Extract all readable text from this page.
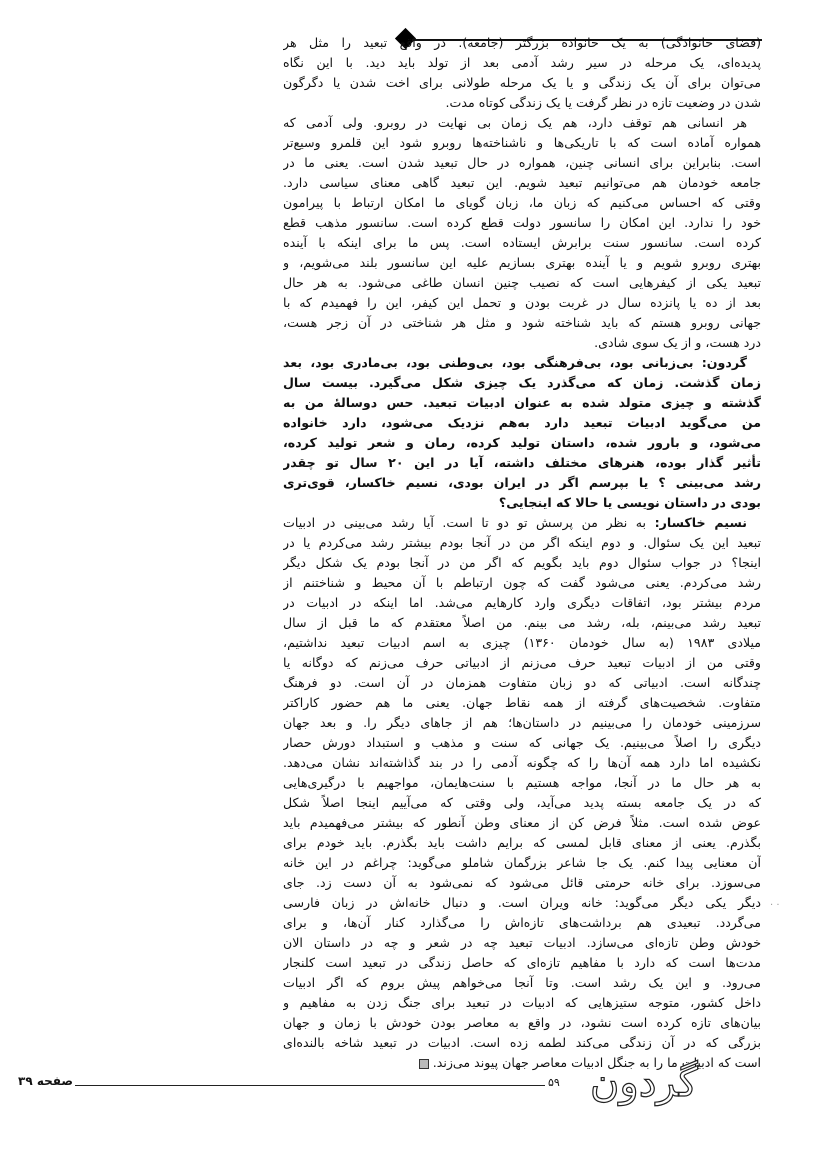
(فضای خانوادگی) به یک خانواده بزرگتر (جامعه). در واقع تبعید را مثل هر
پدیده‌ای، یک مرحله در سیر رشد آدمی بعد از تولد باید دید. با این نگاه
می‌توان برای آن یک زندگی و یا یک مرحله طولانی برای اخت شدن یا دگرگون
شدن در وضعیت تازه در نظر گرفت یا یک زندگی کوتاه مدت.
هر انسانی هم توقف دارد، هم یک زمان بی نهایت در روبرو. ولی آدمی که
همواره آماده است که با تاریکی‌ها و ناشناخته‌ها روبرو شود این قلمرو وسیع‌تر
است. بنابراین برای انسانی چنین، همواره در حال تبعید شدن است. یعنی ما در
جامعه خودمان هم می‌توانیم تبعید شویم. این تبعید گاهی معنای سیاسی دارد.
وقتی که احساس می‌کنیم که زبان ما، زبان گویای ما امکان ارتباط با پیرامون
خود را ندارد. این امکان را سانسور دولت قطع کرده است. سانسور مذهب قطع
کرده است. سانسور سنت برابرش ایستاده است. پس ما برای اینکه با آینده
بهتری روبرو شویم و یا آینده بهتری بسازیم علیه این سانسور بلند می‌شویم، و
تبعید یکی از کیفرهایی است که نصیب چنین انسان طاغی می‌شود. به هر حال
بعد از ده یا پانزده سال در غربت بودن و تحمل این کیفر، این را فهمیدم که با
جهانی روبرو هستم که باید شناخته شود و مثل هر شناختی در آن زجر هست،
درد هست، و از یک سوی شادی.
گردون: بی‌زبانی بود، بی‌فرهنگی بود، بی‌وطنی بود، بی‌مادری بود، بعد
زمان گذشت. زمان که می‌گذرد یک چیزی شکل می‌گیرد. بیست سال
گذشته و چیزی متولد شده به عنوان ادبیات تبعید. حس دوسالهٔ من به
من می‌گوید ادبیات تبعید دارد به‌هم نزدیک می‌شود، دارد خانواده
می‌شود، و بارور شده، داستان تولید کرده، رمان و شعر تولید کرده،
تأثیر گذار بوده، هنرهای مختلف داشته، آیا در این ۲۰ سال تو چقدر
رشد می‌بینی ؟ یا بپرسم اگر در ایران بودی، نسیم خاکسار، قوی‌تری
بودی در داستان نویسی یا حالا که اینجایی؟
نسیم خاکسار: به نظر من پرسش تو دو تا است. آیا رشد می‌بینی در ادبیات
تبعید این یک سئوال. و دوم اینکه اگر من در آنجا بودم بیشتر رشد می‌کردم یا در
اینجا؟ در جواب سئوال دوم باید بگویم که اگر من در آنجا بودم یک شکل دیگر
رشد می‌کردم. یعنی می‌شود گفت که چون ارتباطم با آن محیط و شناختنم از
مردم بیشتر بود، اتفاقات دیگری وارد کارهایم می‌شد. اما اینکه در ادبیات در
تبعید رشد می‌بینم، بله، رشد می بینم. من اصلاً معتقدم که ما قبل از سال
میلادی ۱۹۸۳ (به سال خودمان ۱۳۶۰) چیزی به اسم ادبیات تبعید نداشتیم،
وقتی من از ادبیات تبعید حرف می‌زنم از ادبیاتی حرف می‌زنم که دوگانه یا
چندگانه است. ادبیاتی که دو زبان متفاوت همزمان در آن است. دو فرهنگ
متفاوت. شخصیت‌های گرفته از همه نقاط جهان. یعنی ما هم حضور کاراکتر
سرزمینی خودمان را می‌بینیم در داستان‌ها؛ هم از جاهای دیگر را. و بعد جهان
دیگری را اصلاً می‌بینیم. یک جهانی که سنت و مذهب و استبداد دورش حصار
نکشیده اما دارد همه آن‌ها را که چگونه آدمی را در بند گذاشته‌اند نشان می‌دهد.
به هر حال ما در آنجا، مواجه هستیم با سنت‌هایمان، مواجهیم با درگیری‌هایی
که در یک جامعه بسته پدید می‌آید، ولی وقتی که می‌آییم اینجا اصلاً شکل
عوض شده است. مثلاً فرض کن از معنای وطن آنطور که بیشتر می‌فهمیدم باید
بگذرم. یعنی از معنای قابل لمسی که برایم داشت باید بگذرم. باید خودم برای
آن معنایی پیدا کنم. یک جا شاعر بزرگمان شاملو می‌گوید: چراغم در این خانه
می‌سوزد. برای خانه حرمتی قائل می‌شود که نمی‌شود به آن دست زد. جای
دیگر یکی دیگر می‌گوید: خانه ویران است. و دنبال خانه‌اش در زبان فارسی
می‌گردد. تبعیدی هم برداشت‌های تازه‌اش را می‌گذارد کنار آن‌ها، و برای
خودش وطن تازه‌ای می‌سازد. ادبیات تبعید چه در شعر و چه در داستان الان
مدت‌ها است که دارد با مفاهیم تازه‌ای که حاصل زندگی در تبعید است کلنجار
می‌رود. و این یک رشد است. وتا آنجا می‌خواهم پیش بروم که اگر ادبیات
داخل کشور، متوجه ستیزهایی که ادبیات در تبعید برای جنگ زدن به مفاهیم و
بیان‌های تازه کرده است نشود، در واقع به معاصر بودن خودش با زمان و جهان
بزرگی که در آن زندگی می‌کند لطمه زده است. ادبیات در تبعید شاخه بالنده‌ای
است که ادبیات ما را به جنگل ادبیات معاصر جهان پیوند می‌زند.
· ·
صفحه ۳۹	۵۹ گردون
